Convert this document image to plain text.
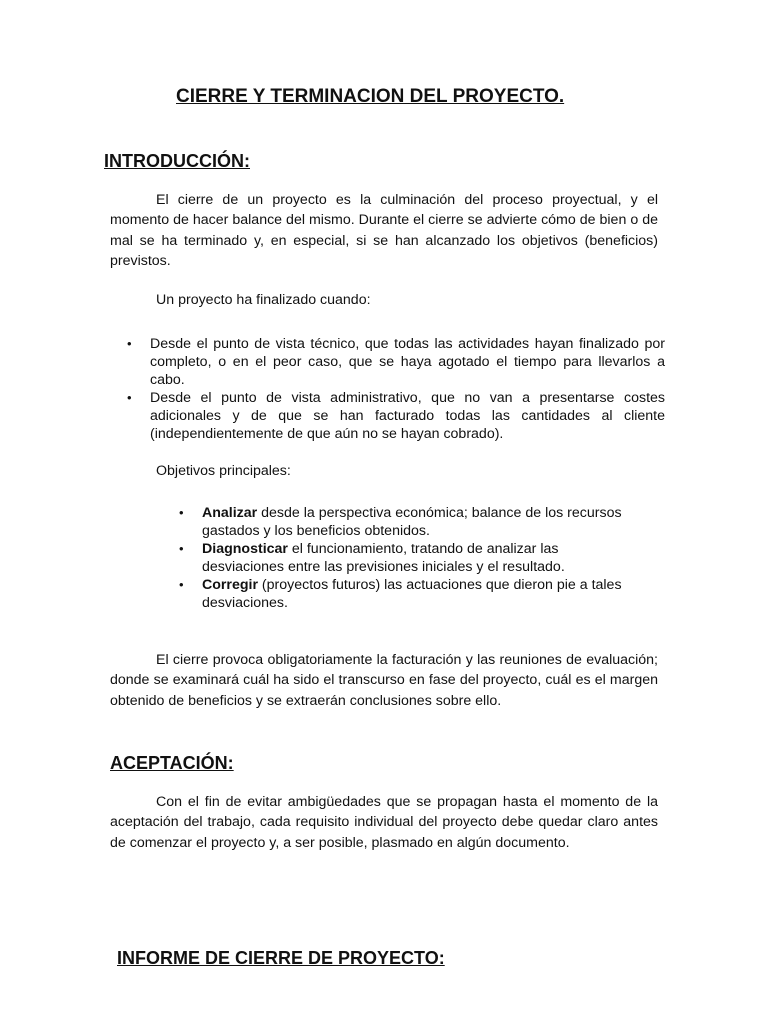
CIERRE Y TERMINACION DEL PROYECTO.
INTRODUCCIÓN:
El cierre de un proyecto es la culminación del proceso proyectual, y el momento de hacer balance del mismo. Durante el cierre se advierte cómo de bien o de mal se ha terminado y, en especial, si se han alcanzado los objetivos (beneficios) previstos.
Un proyecto ha finalizado cuando:
• Desde el punto de vista técnico, que todas las actividades hayan finalizado por completo, o en el peor caso, que se haya agotado el tiempo para llevarlos a cabo.
• Desde el punto de vista administrativo, que no van a presentarse costes adicionales y de que se han facturado todas las cantidades al cliente (independientemente de que aún no se hayan cobrado).
Objetivos principales:
• Analizar desde la perspectiva económica; balance de los recursos gastados y los beneficios obtenidos.
• Diagnosticar el funcionamiento, tratando de analizar las desviaciones entre las previsiones iniciales y el resultado.
• Corregir (proyectos futuros) las actuaciones que dieron pie a tales desviaciones.
El cierre provoca obligatoriamente la facturación y las reuniones de evaluación; donde se examinará cuál ha sido el transcurso en fase del proyecto, cuál es el margen obtenido de beneficios y se extraerán conclusiones sobre ello.
ACEPTACIÓN:
Con el fin de evitar ambigüedades que se propagan hasta el momento de la aceptación del trabajo, cada requisito individual del proyecto debe quedar claro antes de comenzar el proyecto y, a ser posible, plasmado en algún documento.
INFORME DE CIERRE DE PROYECTO:
